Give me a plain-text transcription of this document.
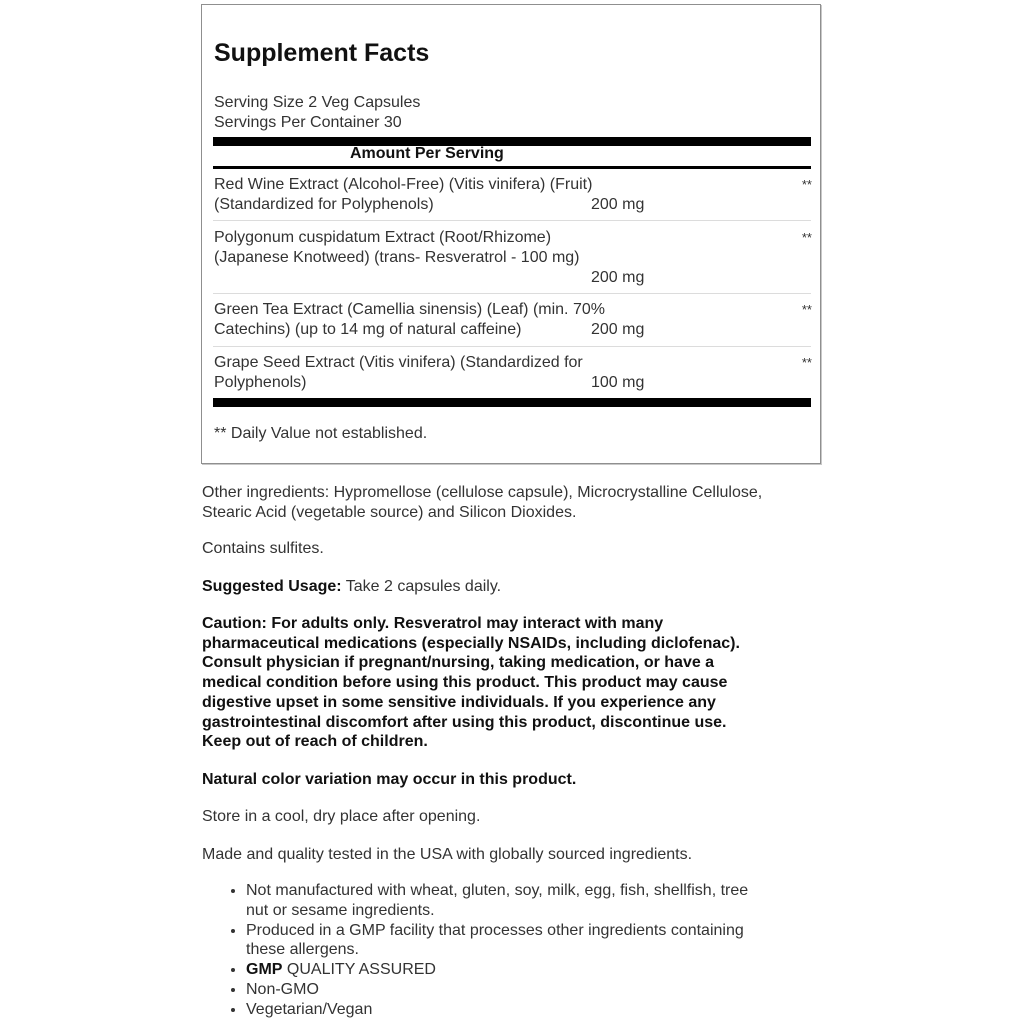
Supplement Facts
Serving Size 2 Veg Capsules
Servings Per Container 30
Amount Per Serving
Red Wine Extract (Alcohol-Free) (Vitis vinifera) (Fruit)
(Standardized for Polyphenols)	200 mg
**
Polygonum cuspidatum Extract (Root/Rhizome)
(Japanese Knotweed) (trans- Resveratrol - 100 mg)
200 mg
**
Green Tea Extract (Camellia sinensis) (Leaf) (min. 70%
Catechins) (up to 14 mg of natural caffeine)	200 mg
**
Grape Seed Extract (Vitis vinifera) (Standardized for
Polyphenols)	100 mg
**
** Daily Value not established.
Other ingredients: Hypromellose (cellulose capsule), Microcrystalline Cellulose,
Stearic Acid (vegetable source) and Silicon Dioxides.
Contains sulfites.
Suggested Usage: Take 2 capsules daily.
Caution: For adults only. Resveratrol may interact with many
pharmaceutical medications (especially NSAIDs, including diclofenac).
Consult physician if pregnant/nursing, taking medication, or have a
medical condition before using this product. This product may cause
digestive upset in some sensitive individuals. If you experience any
gastrointestinal discomfort after using this product, discontinue use.
Keep out of reach of children.
Natural color variation may occur in this product.
Store in a cool, dry place after opening.
Made and quality tested in the USA with globally sourced ingredients.
• Not manufactured with wheat, gluten, soy, milk, egg, fish, shellfish, tree
nut or sesame ingredients.
• Produced in a GMP facility that processes other ingredients containing
these allergens.
• GMP QUALITY ASSURED
• Non-GMO
• Vegetarian/Vegan
